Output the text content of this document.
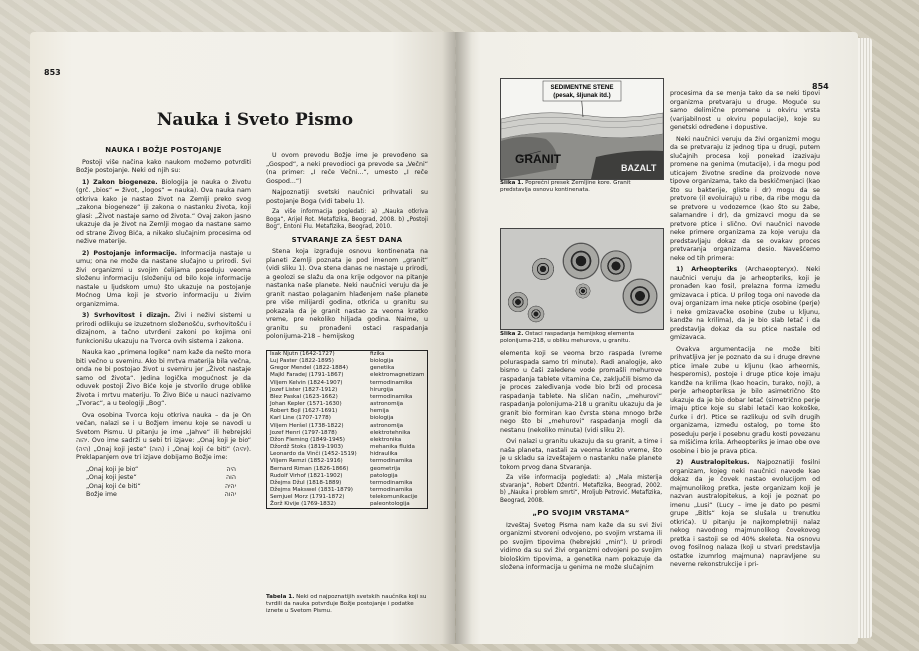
853
Nauka i Sveto Pismo
NAUKA I BOŽJE POSTOJANJE

Postoji više načina kako naukom možemo potvrditi Božje postojanje. Neki od njih su:

1) Zakon biogeneze. Biologija je nauka o životu (grč. „bios“ = život, „logos“ = nauka). Ova nauka nam otkriva kako je nastao život na Zemlji preko svog „zakona biogeneze“ iji zakona o nastanku života, koji glasi: „Život nastaje samo od života.“ Ovaj zakon jasno ukazuje da je život na Zemlji mogao da nastane samo od strane Živog Bića, a nikako slučajnim procesima od nežive materije.

2) Postojanje informacije. Informacija nastaje u umu; ona ne može da nastane slučajno u prirodi. Svi živi organizmi u svojim ćelijama poseduju veoma složenu informaciju (složeniju od bilo koje informacije nastale u ljudskom umu) što ukazuje na postojanje Moćnog Uma koji je stvorio informaciju u živim organizmima.

3) Svrhovitost i dizajn. Živi i neživi sistemi u prirodi odlikuju se izuzetnom složenošću, svrhovitošću i dizajnom, a tačno utvrđeni zakoni po kojima oni funkcionišu ukazuju na Tvorca ovih sistema i zakona.

Nauka kao „primena logike“ nam kaže da nešto mora biti večno u svemiru. Ako bi mrtva materija bila večna, onda ne bi postojao život u svemiru jer „Život nastaje samo od života“. Jedina logička mogućnost je da oduvek postoji Živo Biće koje je stvorilo druge oblike života i mrtvu materiju. To Živo Biće u nauci nazivamo „Tvorac“, a u teologiji „Bog“.

Ova osobina Tvorca koju otkriva nauka – da je On večan, nalazi se i u Božjem imenu koje se navodi u Svetom Pismu. U pitanju je ime „Jahve“ ili hebrejski יהוה. Ovo ime sadrži u sebi tri izjave: „Onaj koji je bio“ (היה) „Onaj koji jeste“ (הוה) i „Onaj koji će biti“ (יהיה). Preklapanjem ove tri izjave dobijamo Božje ime:

„Onaj koji je bio“	היה
„Onaj koji jeste“	הוה
„Onaj koji će biti“	יהיה
Božje ime	יהוה

U ovom prevodu Božje ime je prevođeno sa „Gospod“, a neki prevodioci ga prevode sa „Večni“ (na primer: „I reče Večni...“, umesto „I reče Gospod...“)

Najpoznatiji svetski naučnici prihvatali su postojanje Boga (vidi tabelu 1).

Za više informacija pogledati: a) „Nauka otkriva Boga“, Arijel Rot. Metafizika, Beograd, 2008. b) „Postoji Bog“, Entoni Flu. Metafizika, Beograd, 2010.

STVARANJE ZA ŠEST DANA

Stena koja izgrađuje osnovu kontinenata na planeti Zemlji poznata je pod imenom „granit“ (vidi sliku 1). Ova stena danas ne nastaje u prirodi, a geolozi se slažu da ona krije odgovor na pitanje nastanka naše planete. Neki naučnici veruju da je granit nastao polaganim hlađenjem naše planete pre više milijardi godina, otkrića u granitu su pokazala da je granit nastao za veoma kratko vreme, pre nekoliko hiljada godina. Naime, u granitu su pronađeni ostaci raspadanja polonijuma-218 – hemijskog

Isak Njutn (1642-1727)	fizika
Luj Paster (1822-1895)	biologija
Gregor Mendel (1822-1884)	genetika
Majkl Faradej (1791-1867)	elektromagnetizam
Viljem Kelvin (1824-1907)	termodinamika
Jozef Lister (1827-1912)	hirurgija
Blez Paskal (1623-1662)	termodinamika
Johan Kepler (1571-1630)	astronomija
Robert Bojl (1627-1691)	hemija
Karl Line (1707-1778)	biologija
Viljem Heršel (1738-1822)	astronomija
Jozef Henri (1797-1878)	elektrotehnika
Džon Fleming (1849-1945)	elektronika
Džordž Stoks (1819-1903)	mehanika fluida
Leonardo da Vinči (1452-1519)	hidraulika
Viljem Remzi (1852-1916)	termodinamika
Bernard Riman (1826-1866)	geometrija
Rudolf Virhof (1821-1902)	patologija
Džejms Džul (1818-1889)	termodinamika
Džejms Makswel (1831-1879)	termodinamika
Semjuel Morz (1791-1872)	telekomunikacije
Žorž Kivije (1769-1832)	paleontologija
Tabela 1. Neki od najpoznatijih svetskih naučnika koji su tvrdili da nauka potvrđuje Božje postojanje i podatke iznete u Svetom Pismu.
854
SEDIMENTNE STENE
(pesak, šljunak itd.)
GRANIT
BAZALT
Slika 1. Poprečni presek Zemljine kore. Granit predstavlja osnovu kontinenata.
Slika 2. Ostaci raspadanja hemijskog elementa polonijuma-218, u obliku mehurova, u granitu.

elementa koji se veoma brzo raspada (vreme poluraspada samo tri minute). Radi analogije, ako bismo u čaši zaledene vode promašli mehurove raspadanja tablete vitamina Ce, zaključili bismo da je proces zaleđivanja vode bio brži od procesa raspadanja tablete. Na sličan način, „mehurovi“ raspadanja polonijuma-218 u granitu ukazuju da je granit bio formiran kao čvrsta stena mnogo brže nego što bi „mehurovi“ raspadanja mogli da nestanu (nekoliko minuta) (vidi sliku 2).

Ovi nalazi u granitu ukazuju da su granit, a time i naša planeta, nastali za veoma kratko vreme, što je u skladu sa izveštajem o nastanku naše planete tokom prvog dana Stvaranja.

Za više informacija pogledati: a) „Mala misterija stvaranja“, Robert Džentri. Metafizika, Beograd, 2002. b) „Nauka i problem smrti“, Mroljub Petrović. Metafizika, Beograd, 2008.

„PO SVOJIM VRSTAMA“

Izveštaj Svetog Pisma nam kaže da su svi živi organizmi stvoreni odvojeno, po svojim vrstama ili po svojim tipovima (hebrejski „min“). U prirodi vidimo da su svi živi organizmi odvojeni po svojim biološkim tipovima, a genetika nam pokazuje da složena informacija u genima ne može slučajnim

procesima da se menja tako da se neki tipovi organizma pretvaraju u druge. Moguće su samo delimične promene u okviru vrsta (varijabilnost u okviru populacije), koje su genetski određene i dopustive.

Neki naučnici veruju da živi organizmi mogu da se pretvaraju iz jednog tipa u drugi, putem slučajnih procesa koji ponekad izazivaju promene na genima (mutacije), i da mogu pod uticajem životne sredine da proizvode nove tipove organizama, tako da beskičmenjaci (kao što su bakterije, gliste i dr) mogu da se pretvore (il evoluiraju) u ribe, da ribe mogu da se pretvore u vodozemce (kao što su žabe, salamandre i dr), da gmizavci mogu da se pretvore ptice i slično. Ovi naučnici navode neke primere organizama za koje veruju da predstavljaju dokaz da se ovakav proces pretvaranja organizama desio. Navešćemo neke od tih primera:

1) Arheopteriks (Archaeopteryx). Neki naučnici veruju da je arheopteriks, koji je pronađen kao fosil, prelazna forma između gmizavaca i ptica. U prilog toga oni navode da ovaj organizam ima neke pticje osobine (perje) i neke gmizavačke osobine (zube u kljunu, kandže na krilima), da je bio slab letač i da predstavlja dokaz da su ptice nastale od gmizavaca.

Ovakva argumentacija ne može biti prihvatljiva jer je poznato da su i druge drevne ptice imale zube u kljunu (kao arheornis, hesperornis), postoje i druge ptice koje imaju kandže na krilima (kao hoacin, turako, noji), a perje arheopteriksa je bilo asimetrično što ukazuje da je bio dobar letač (simetrično perje imaju ptice koje su slabi letači kao kokoške, čurke i dr). Ptice se razlikuju od svih drugih organizama, između ostalog, po tome što poseduju perje i posebnu građu kosti povezanu sa mišićima krila. Arheopteriks je imao obe ove osobine i bio je prava ptica.

2) Australopitekus. Najpoznatiji fosilni organizam, kojeg neki naučnici navode kao dokaz da je čovek nastao evolucijom od majmunolikog pretka, jeste organizam koji je nazvan australopitekus, a koji je poznat po imenu „Lusi“ (Lucy – ime je dato po pesmi grupe „Bitls“ koja se slušala u trenutku otkrića). U pitanju je najkompletniji nalaz nekog navodnog majmunolikog čovekovog pretka i sastoji se od 40% skeleta. Na osnovu ovog fosilnog nalaza (koji u stvari predstavlja ostatke izumrlog majmuna) napravljene su neverne rekonstrukcije i pri-
